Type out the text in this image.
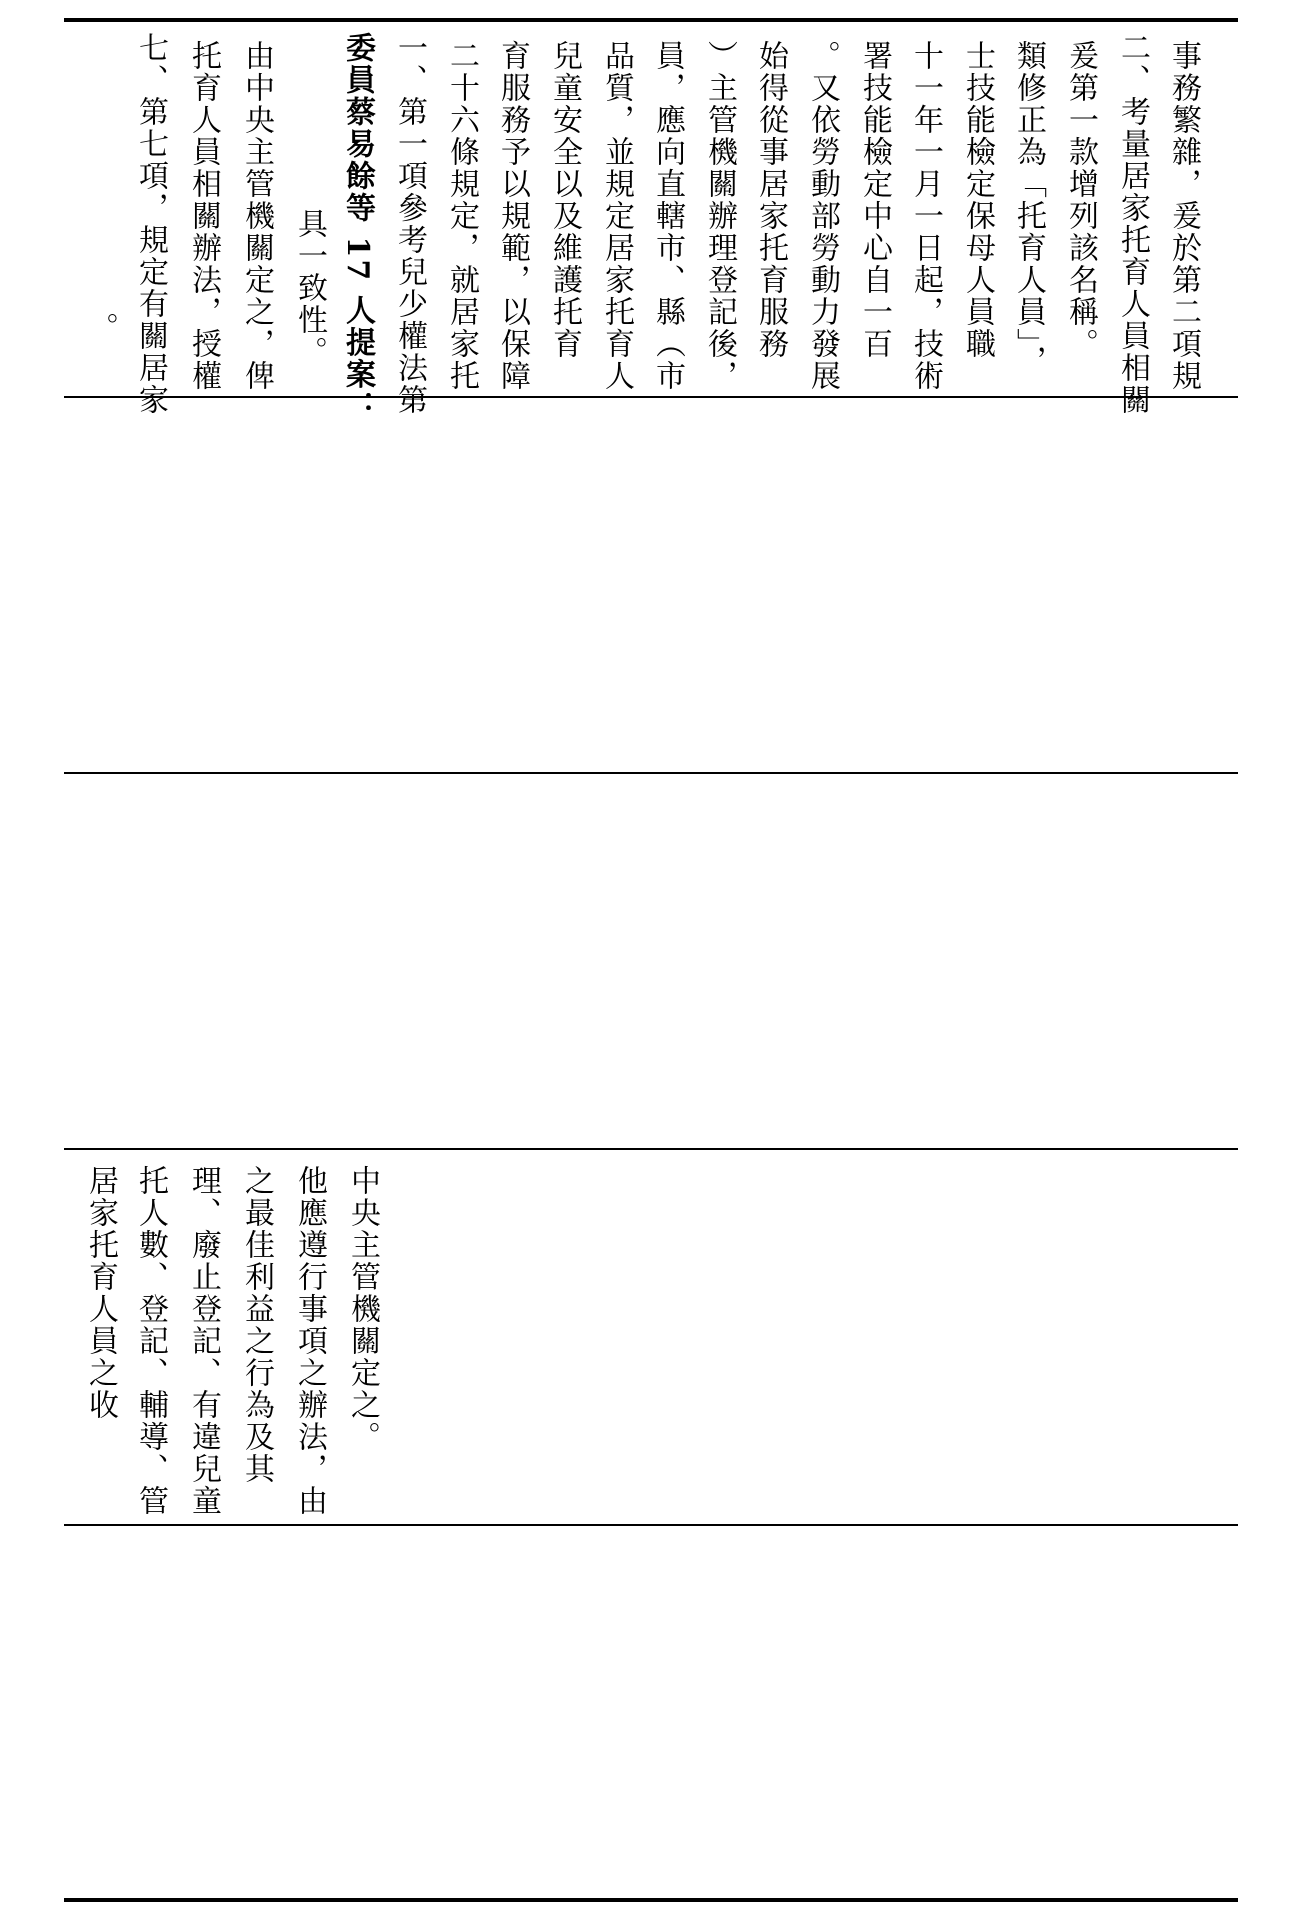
。 七、第七項，規定有關居家 托育人員相關辦法，授權 由中央主管機關定之，俾 具一致性。 委員蔡易餘等 17 人提案： 一、第一項參考兒少權法第 二十六條規定，就居家托 育服務予以規範，以保障 兒童安全以及維護托育 品質，並規定居家托育人 員，應向直轄市、縣（市 ）主管機關辦理登記後， 始得從事居家托育服務 。又依勞動部勞動力發展 署技能檢定中心自一百 十一年一月一日起，技術 士技能檢定保母人員職 類修正為「托育人員」， 爰第一款增列該名稱。 二、考量居家托育人員相關 事務繁雜，爰於第二項規
居家托育人員之收 托人數、登記、輔導、管 理、廢止登記、有違兒童 之最佳利益之行為及其 他應遵行事項之辦法，由 中央主管機關定之。
